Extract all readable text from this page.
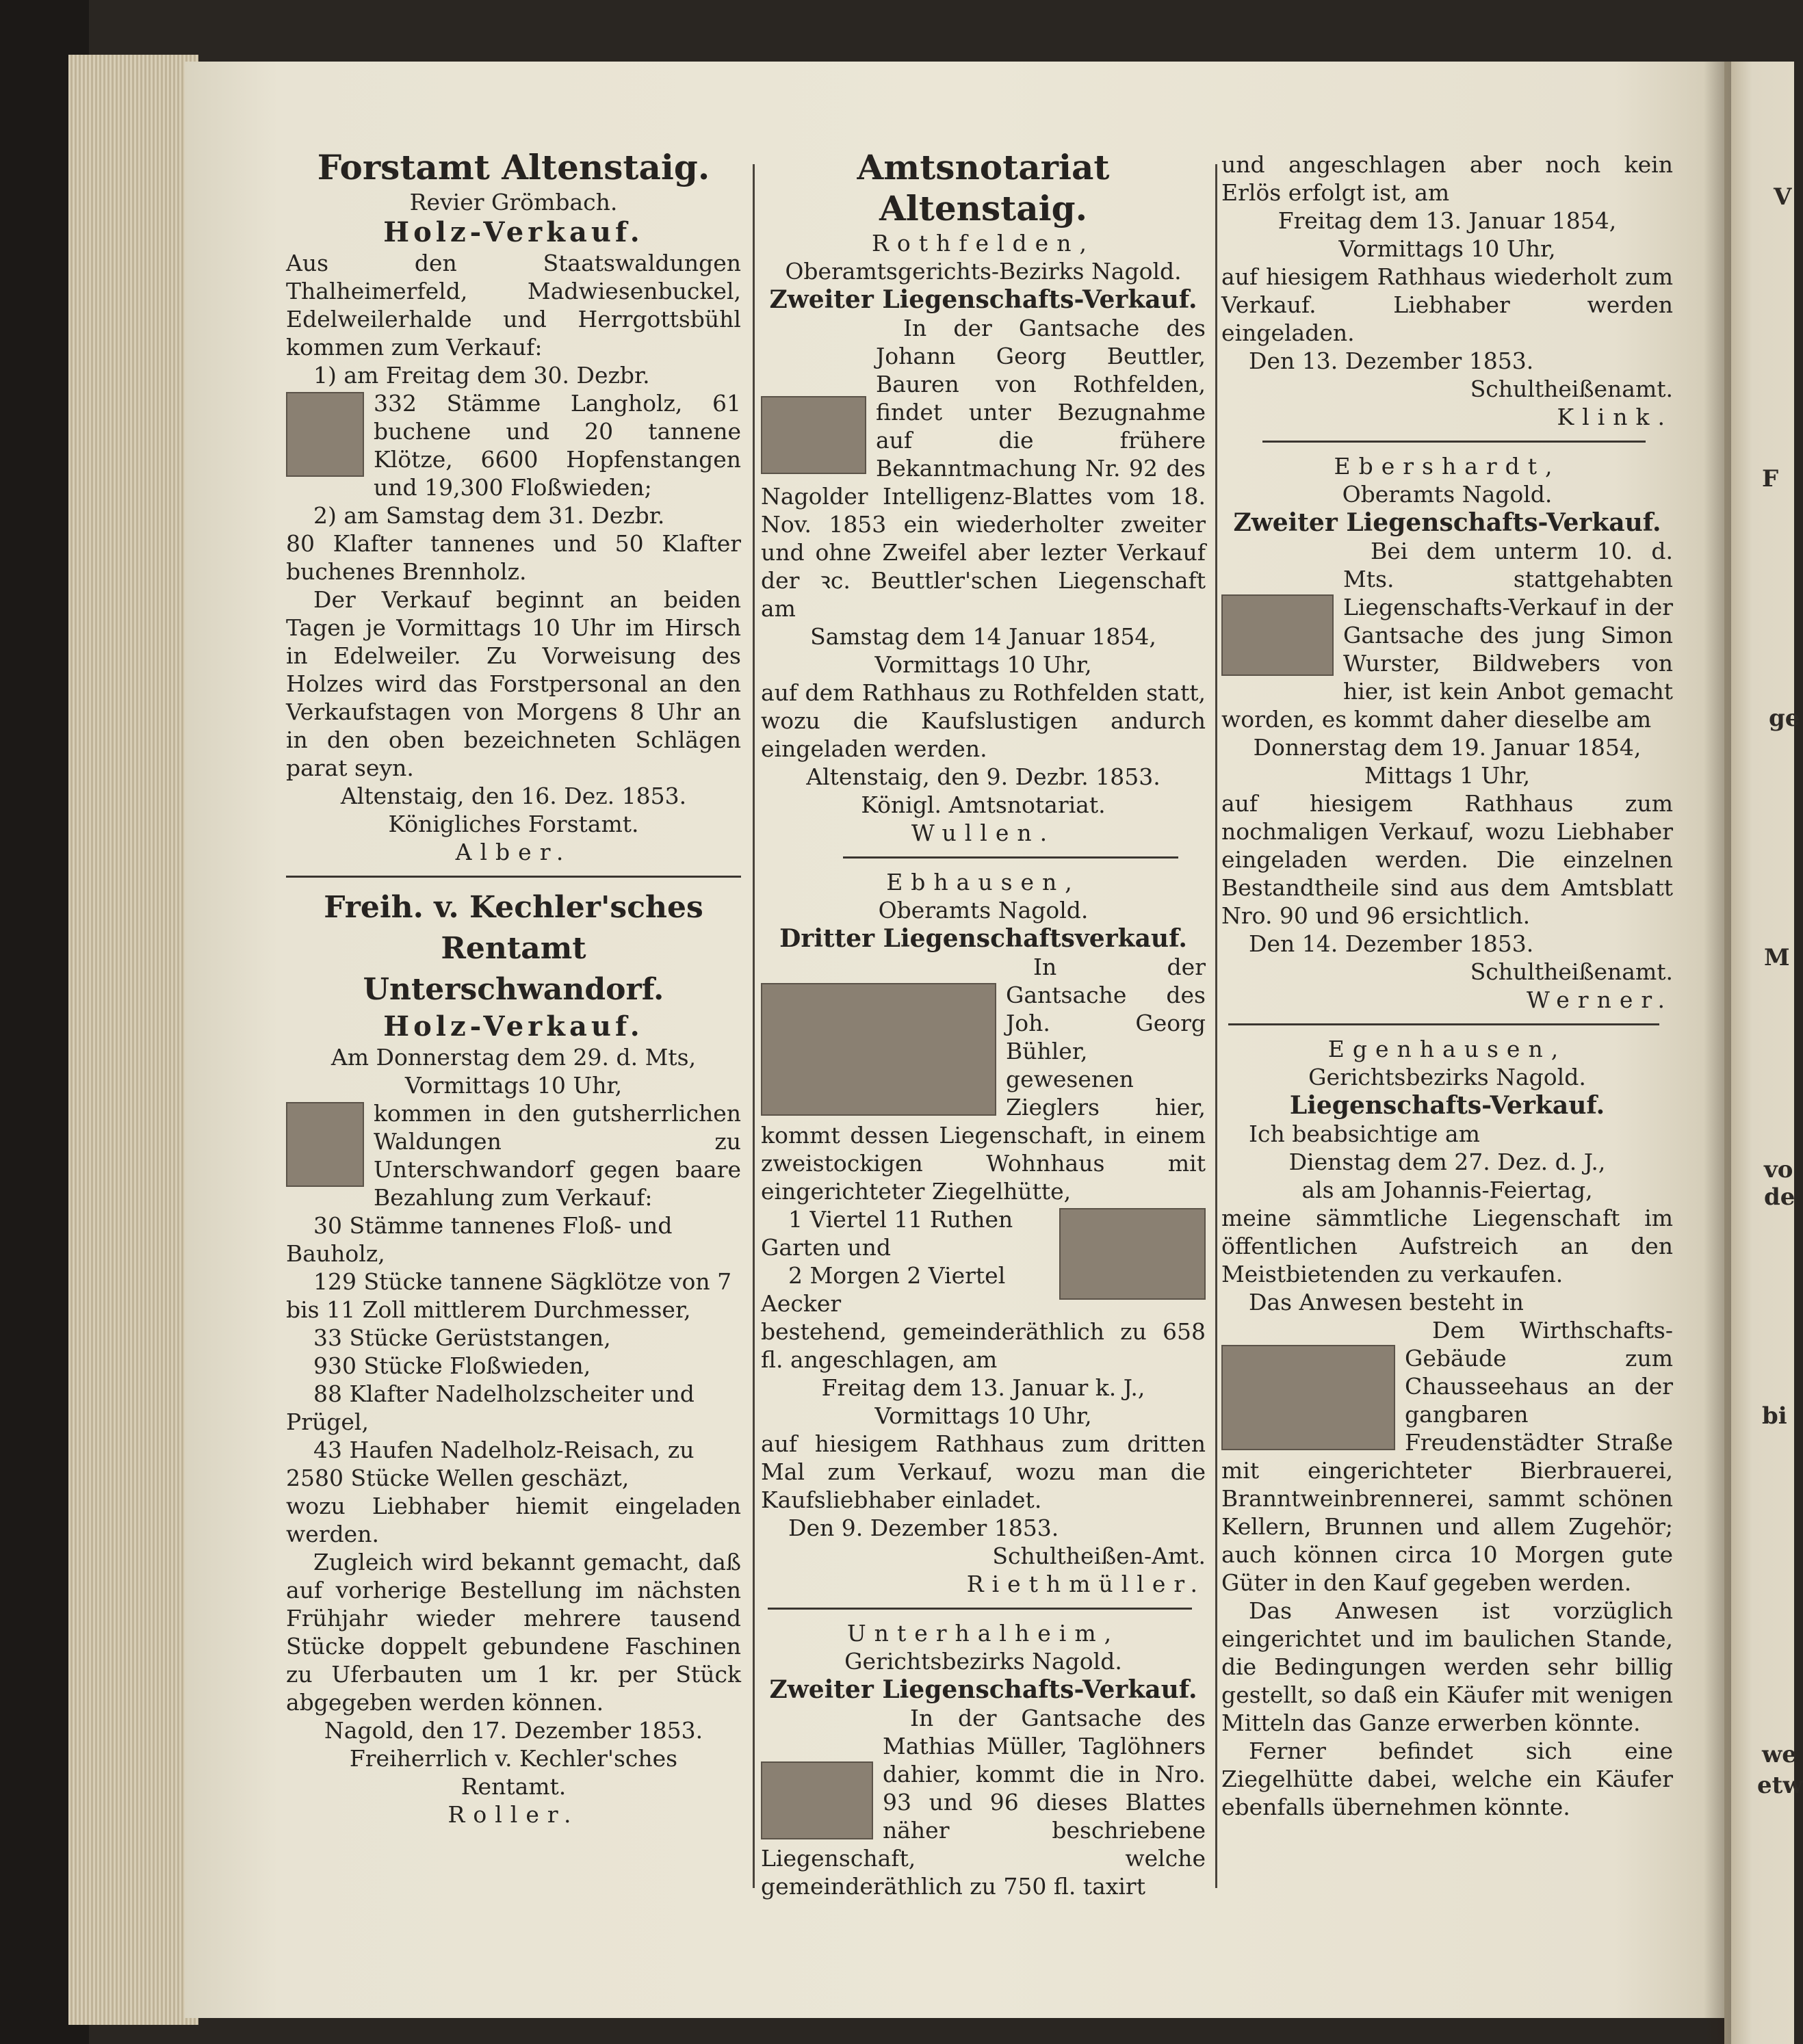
Forstamt Altenstaig.

Revier Grömbach.

Holz-Verkauf.

Aus den Staatswaldungen Thalheimerfeld, Madwiesenbuckel, Edelweilerhalde und Herrgottsbühl kommen zum Verkauf:

1) am Freitag dem 30. Dezbr.

332 Stämme Langholz, 61 buchene und 20 tannene Klötze, 6600 Hopfenstangen und 19,300 Floßwieden;

2) am Samstag dem 31. Dezbr.

80 Klafter tannenes und 50 Klafter buchenes Brennholz.

Der Verkauf beginnt an beiden Tagen je Vormittags 10 Uhr im Hirsch in Edelweiler. Zu Vorweisung des Holzes wird das Forstpersonal an den Verkaufstagen von Morgens 8 Uhr an in den oben bezeichneten Schlägen parat seyn.

Altenstaig, den 16. Dez. 1853.

Königliches Forstamt.

Alber.

Freih. v. Kechler'sches Rentamt

Unterschwandorf.

Holz-Verkauf.

Am Donnerstag dem 29. d. Mts, Vormittags 10 Uhr,

kommen in den gutsherrlichen Waldungen zu Unterschwandorf gegen baare Bezahlung zum Verkauf:

30 Stämme tannenes Floß- und Bauholz,

129 Stücke tannene Sägklötze von 7 bis 11 Zoll mittlerem Durchmesser,

33 Stücke Gerüststangen,

930 Stücke Floßwieden,

88 Klafter Nadelholzscheiter und Prügel,

43 Haufen Nadelholz-Reisach, zu 2580 Stücke Wellen geschäzt,

wozu Liebhaber hiemit eingeladen werden.

Zugleich wird bekannt gemacht, daß auf vorherige Bestellung im nächsten Frühjahr wieder mehrere tausend Stücke doppelt gebundene Faschinen zu Uferbauten um 1 kr. per Stück abgegeben werden können.

Nagold, den 17. Dezember 1853.

Freiherrlich v. Kechler'sches

Rentamt.

Roller.

Amtsnotariat Altenstaig.

Rothfelden,

Oberamtsgerichts-Bezirks Nagold.

Zweiter Liegenschafts-Verkauf.

In der Gantsache des Johann Georg Beuttler, Bauren von Rothfelden, findet unter Bezugnahme auf die frühere Bekanntmachung Nr. 92 des Nagolder Intelligenz-Blattes vom 18. Nov. 1853 ein wiederholter zweiter und ohne Zweifel aber lezter Verkauf der ꝛc. Beuttler'schen Liegenschaft am

Samstag dem 14 Januar 1854,

Vormittags 10 Uhr,

auf dem Rathhaus zu Rothfelden statt, wozu die Kaufslustigen andurch eingeladen werden.

Altenstaig, den 9. Dezbr. 1853.

Königl. Amtsnotariat.

Wullen.

Ebhausen,

Oberamts Nagold.

Dritter Liegenschaftsverkauf.

In der Gantsache des Joh. Georg Bühler, gewesenen Zieglers hier, kommt dessen Liegenschaft, in einem zweistockigen Wohnhaus mit eingerichteter Ziegelhütte,

1 Viertel 11 Ruthen Garten und

2 Morgen 2 Viertel Aecker

bestehend, gemeinderäthlich zu 658 fl. angeschlagen, am

Freitag dem 13. Januar k. J.,

Vormittags 10 Uhr,

auf hiesigem Rathhaus zum dritten Mal zum Verkauf, wozu man die Kaufsliebhaber einladet.

Den 9. Dezember 1853.

Schultheißen-Amt.

Riethmüller.

Unterhalheim,

Gerichtsbezirks Nagold.

Zweiter Liegenschafts-Verkauf.

In der Gantsache des Mathias Müller, Taglöhners dahier, kommt die in Nro. 93 und 96 dieses Blattes näher beschriebene Liegenschaft, welche gemeinderäthlich zu 750 fl. taxirt

und angeschlagen aber noch kein Erlös erfolgt ist, am

Freitag dem 13. Januar 1854,

Vormittags 10 Uhr,

auf hiesigem Rathhaus wiederholt zum Verkauf. Liebhaber werden eingeladen.

Den 13. Dezember 1853.

Schultheißenamt.

Klink.

Ebershardt,

Oberamts Nagold.

Zweiter Liegenschafts-Verkauf.

Bei dem unterm 10. d. Mts. stattgehabten Liegenschafts-Verkauf in der Gantsache des jung Simon Wurster, Bildwebers von hier, ist kein Anbot gemacht worden, es kommt daher dieselbe am

Donnerstag dem 19. Januar 1854,

Mittags 1 Uhr,

auf hiesigem Rathhaus zum nochmaligen Verkauf, wozu Liebhaber eingeladen werden. Die einzelnen Bestandtheile sind aus dem Amtsblatt Nro. 90 und 96 ersichtlich.

Den 14. Dezember 1853.

Schultheißenamt.

Werner.

Egenhausen,

Gerichtsbezirks Nagold.

Liegenschafts-Verkauf.

Ich beabsichtige am

Dienstag dem 27. Dez. d. J.,

als am Johannis-Feiertag,

meine sämmtliche Liegenschaft im öffentlichen Aufstreich an den Meistbietenden zu verkaufen.

Das Anwesen besteht in

Dem Wirthschafts-Gebäude zum Chausseehaus an der gangbaren Freudenstädter Straße mit eingerichteter Bierbrauerei, Branntweinbrennerei, sammt schönen Kellern, Brunnen und allem Zugehör; auch können circa 10 Morgen gute Güter in den Kauf gegeben werden.

Das Anwesen ist vorzüglich eingerichtet und im baulichen Stande, die Bedingungen werden sehr billig gestellt, so daß ein Käufer mit wenigen Mitteln das Ganze erwerben könnte.

Ferner befindet sich eine Ziegelhütte dabei, welche ein Käufer ebenfalls übernehmen könnte.

V
F
ge
M
vo
de
bi
we
etw
